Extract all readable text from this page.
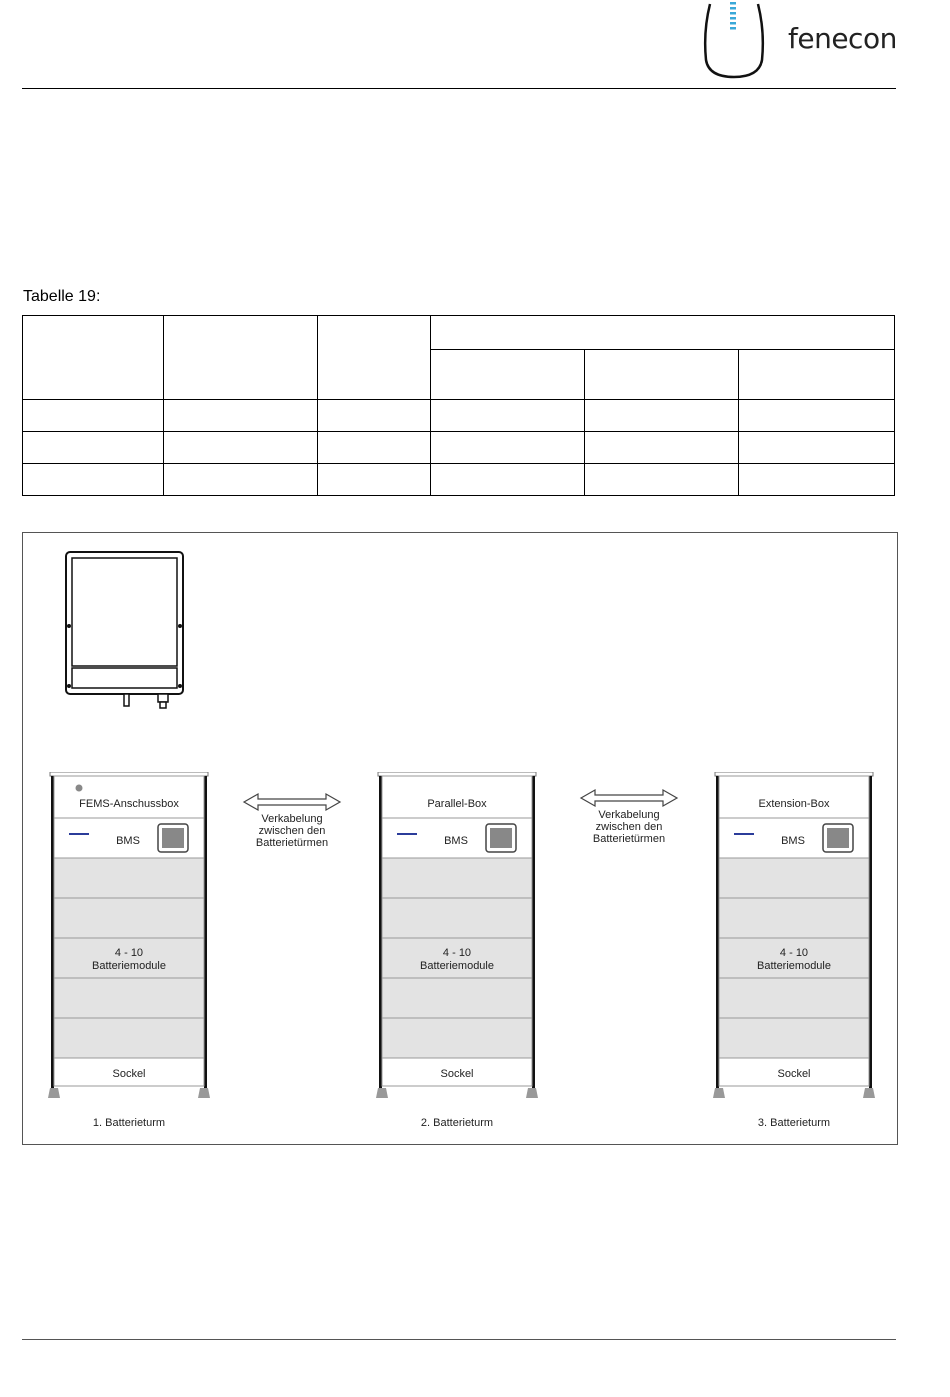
fenecon
Tabelle 19:

FEMS-Anschussbox
BMS
4 - 10
Batteriemodule
Sockel
1. Batterieturm
Parallel-Box
BMS
4 - 10
Batteriemodule
Sockel
2. Batterieturm
Extension-Box
BMS
4 - 10
Batteriemodule
Sockel
3. Batterieturm
Verkabelung
zwischen den
Batterietürmen
Verkabelung
zwischen den
Batterietürmen
